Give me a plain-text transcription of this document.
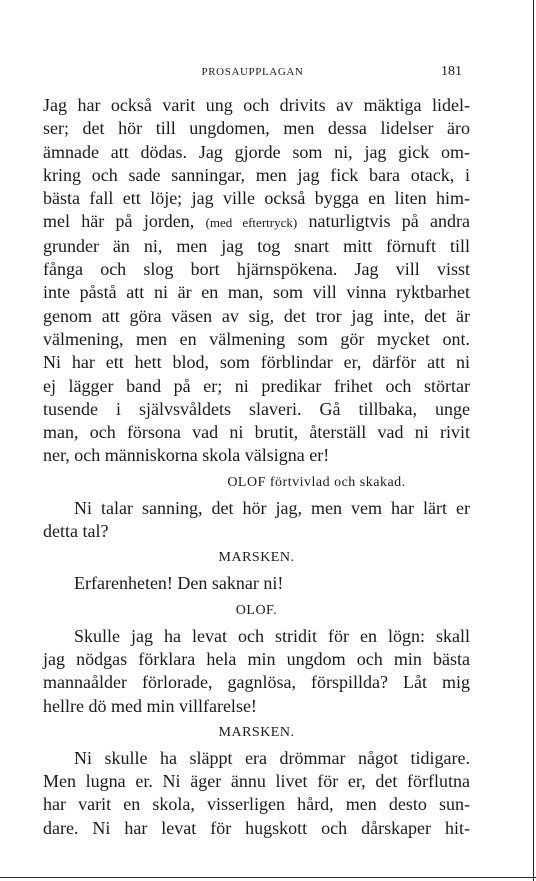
PROSAUPPLAGAN	181
Jag har också varit ung och drivits av mäktiga lidel-
ser; det hör till ungdomen, men dessa lidelser äro
ämnade att dödas. Jag gjorde som ni, jag gick om-
kring och sade sanningar, men jag fick bara otack, i
bästa fall ett löje; jag ville också bygga en liten him-
mel här på jorden, (med eftertryck) naturligtvis på andra
grunder än ni, men jag tog snart mitt förnuft till
fånga och slog bort hjärnspökena. Jag vill visst
inte påstå att ni är en man, som vill vinna ryktbarhet
genom att göra väsen av sig, det tror jag inte, det är
välmening, men en välmening som gör mycket ont.
Ni har ett hett blod, som förblindar er, därför att ni
ej lägger band på er; ni predikar frihet och störtar
tusende i självsvåldets slaveri. Gå tillbaka, unge
man, och försona vad ni brutit, återställ vad ni rivit
ner, och människorna skola välsigna er!
OLOF förtvivlad och skakad.
Ni talar sanning, det hör jag, men vem har lärt er
detta tal?
MARSKEN.
Erfarenheten! Den saknar ni!
OLOF.
Skulle jag ha levat och stridit för en lögn: skall
jag nödgas förklara hela min ungdom och min bästa
mannaålder förlorade, gagnlösa, förspillda? Låt mig
hellre dö med min villfarelse!
MARSKEN.
Ni skulle ha släppt era drömmar något tidigare.
Men lugna er. Ni äger ännu livet för er, det förflutna
har varit en skola, visserligen hård, men desto sun-
dare. Ni har levat för hugskott och dårskaper hit-
